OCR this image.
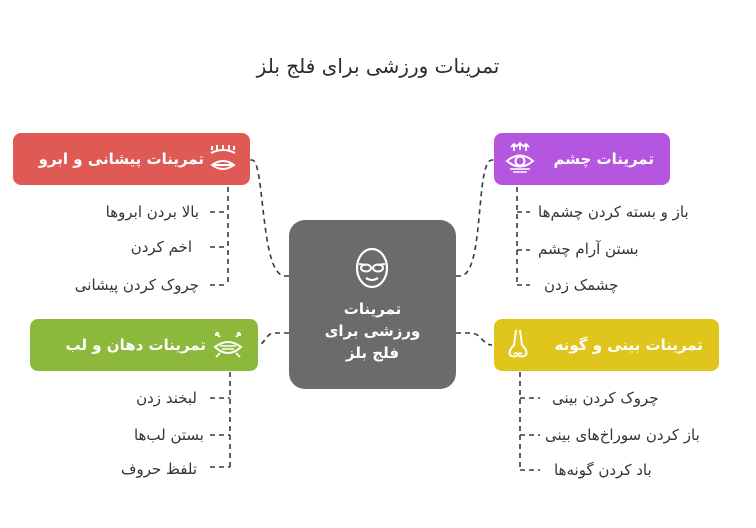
تمرینات ورزشی برای فلج بلز
تمرینات
ورزشی برای
فلج بلز
تمرینات پیشانی و ابرو
بالا بردن ابروها
اخم کردن
چروک کردن پیشانی
تمرینات چشم
باز و بسته کردن چشم‌ها
بستن آرام چشم
چشمک زدن
تمرینات دهان و لب
لبخند زدن
بستن لب‌ها
تلفظ حروف
تمرینات بینی و گونه
چروک کردن بینی
باز کردن سوراخ‌های بینی
باد کردن گونه‌ها
